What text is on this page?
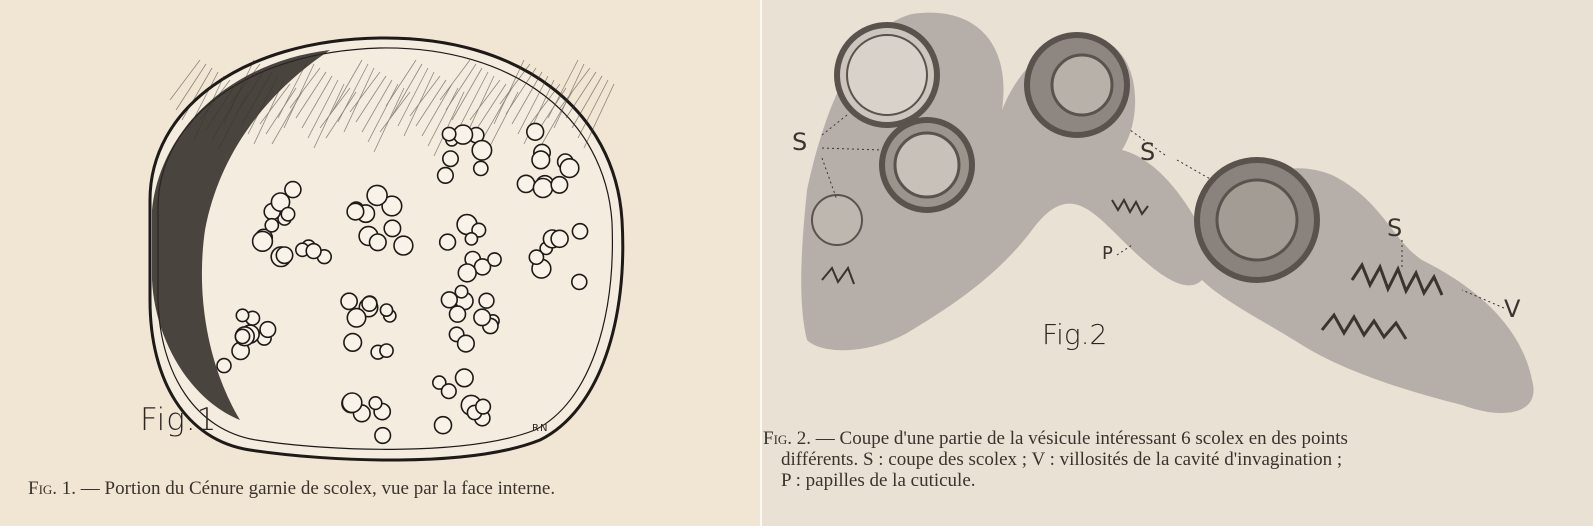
Fig.1	RN
Fig. 1. — Portion du Cénure garnie de scolex, vue par la face interne.
S	S
S
P
V
Fig.2
Fig. 2. — Coupe d'une partie de la vésicule intéressant 6 scolex en des points
différents. S : coupe des scolex ; V : villosités de la cavité d'invagination ;
P : papilles de la cuticule.
